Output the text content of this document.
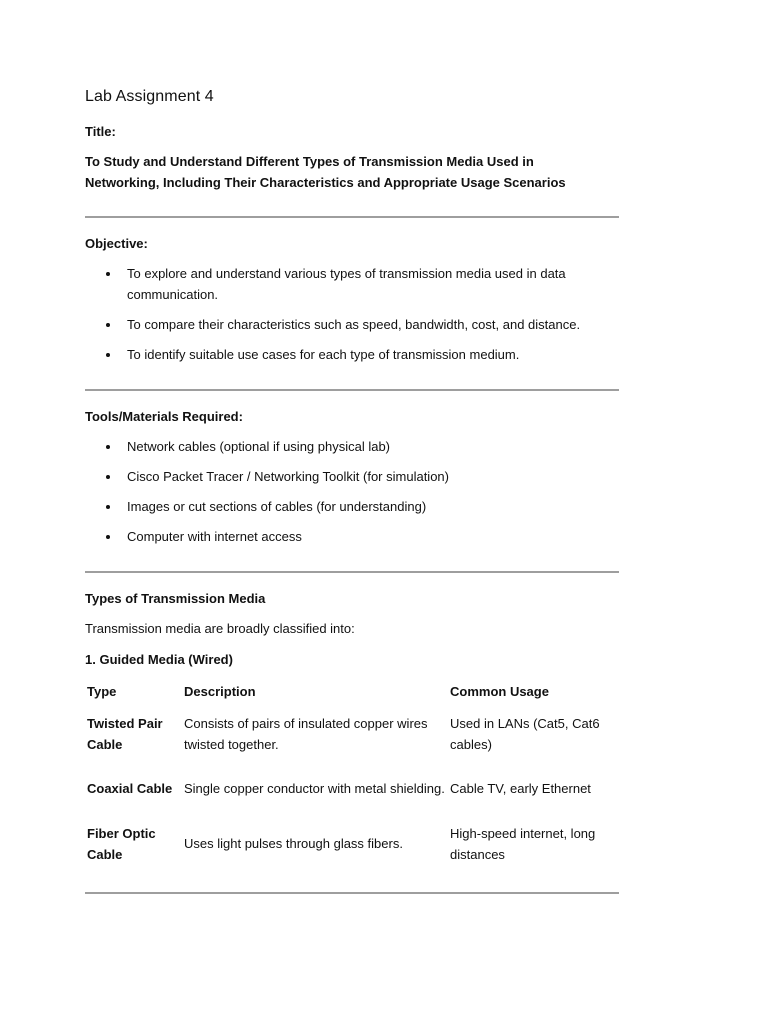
Lab Assignment 4

Title:

To Study and Understand Different Types of Transmission Media Used in Networking, Including Their Characteristics and Appropriate Usage Scenarios

Objective:

To explore and understand various types of transmission media used in data communication.
To compare their characteristics such as speed, bandwidth, cost, and distance.
To identify suitable use cases for each type of transmission medium.

Tools/Materials Required:

Network cables (optional if using physical lab)
Cisco Packet Tracer / Networking Toolkit (for simulation)
Images or cut sections of cables (for understanding)
Computer with internet access

Types of Transmission Media

Transmission media are broadly classified into:

1. Guided Media (Wired)

Type	Description	Common Usage
Twisted Pair Cable	Consists of pairs of insulated copper wires twisted together.	Used in LANs (Cat5, Cat6 cables)
Coaxial Cable	Single copper conductor with metal shielding.	Cable TV, early Ethernet
Fiber Optic Cable	Uses light pulses through glass fibers.	High-speed internet, long distances
